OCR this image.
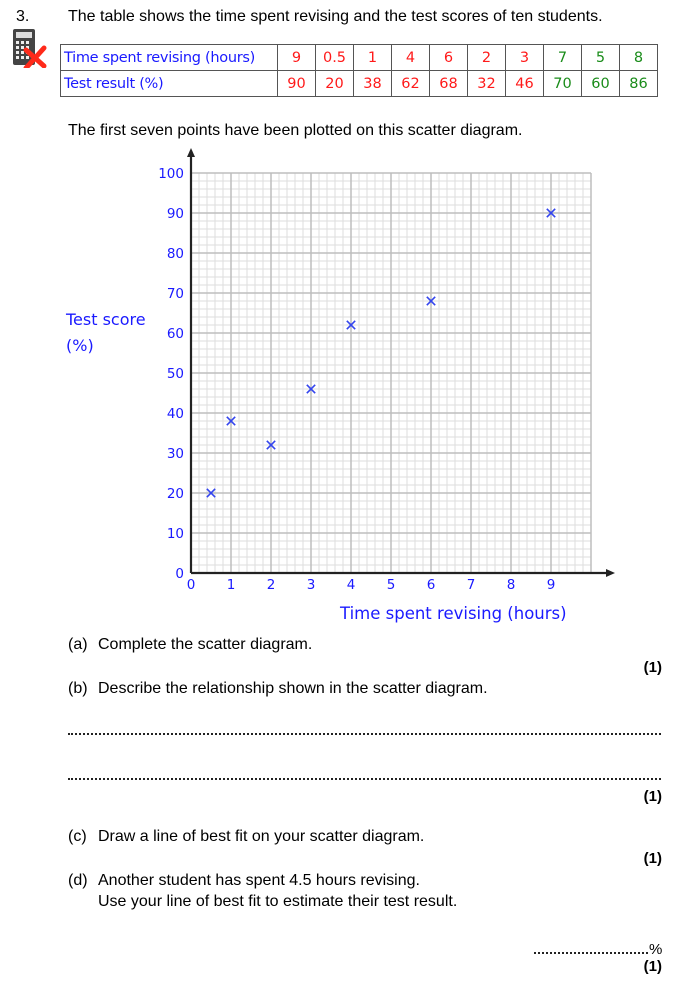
3. The table shows the time spent revising and the test scores of ten students.
Time spent revising (hours)	9	0.5	1	4	6	2	3	7	5	8
Test result (%)	90	20	38	62	68	32	46	70	60	86
The first seven points have been plotted on this scatter diagram.
0
10
20
30
40
50
60
70
80
90
100
0 1 2 3 4 5 6 7 8 9
Test score
(%)
Time spent revising (hours)
(a) Complete the scatter diagram.
(1)
(b) Describe the relationship shown in the scatter diagram.
(1)
(c) Draw a line of best fit on your scatter diagram.
(1)
(d) Another student has spent 4.5 hours revising.
Use your line of best fit to estimate their test result.
%
(1)
